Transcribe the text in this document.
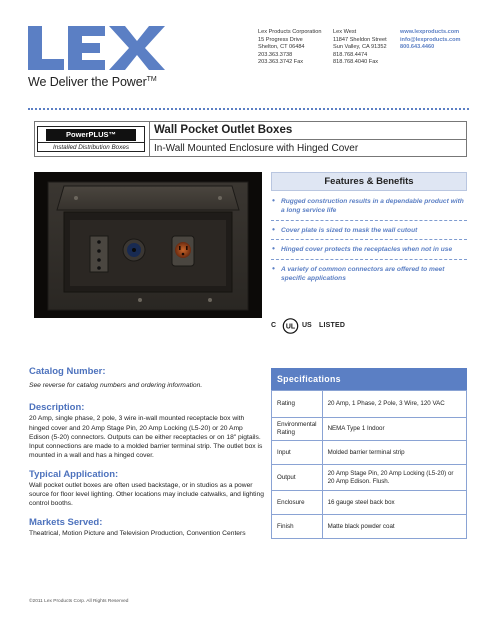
We Deliver the Power™
Lex Products Corporation
15 Progress Drive
Shelton, CT 06484
203.363.3738
203.363.3742 Fax
Lex West
11847 Sheldon Street
Sun Valley, CA 91352
818.768.4474
818.768.4040 Fax
www.lexproducts.com
info@lexproducts.com
800.643.4460
PowerPLUS™
Installed Distribution Boxes
Wall Pocket Outlet Boxes
In-Wall Mounted Enclosure with Hinged Cover
Features & Benefits
• Rugged construction results in a dependable product with a long service life
• Cover plate is sized to mask the wall cutout
• Hinged cover protects the receptacles when not in use
• A variety of common connectors are offered to meet specific applications
C UL US LISTED
Catalog Number:
See reverse for catalog numbers and ordering information.
Description:
20 Amp, single phase, 2 pole, 3 wire in-wall mounted receptacle box with hinged cover and 20 Amp Stage Pin, 20 Amp Locking (L5-20) or 20 Amp Edison (5-20) connectors. Outputs can be either receptacles or on 18" pigtails. Input connections are made to a molded barrier terminal strip. The outlet box is mounted in a wall and has a hinged cover.
Typical Application:
Wall pocket outlet boxes are often used backstage, or in studios as a power source for floor level lighting. Other locations may include catwalks, and lighting control booths.
Markets Served:
Theatrical, Motion Picture and Television Production, Convention Centers
Specifications
Rating	20 Amp, 1 Phase, 2 Pole, 3 Wire, 120 VAC
Environmental Rating	NEMA Type 1 Indoor
Input	Molded barrier terminal strip
Output	20 Amp Stage Pin, 20 Amp Locking (L5-20) or 20 Amp Edison. Flush.
Enclosure	16 gauge steel back box
Finish	Matte black powder coat
©2011 Lex Products Corp. All Rights Reserved
